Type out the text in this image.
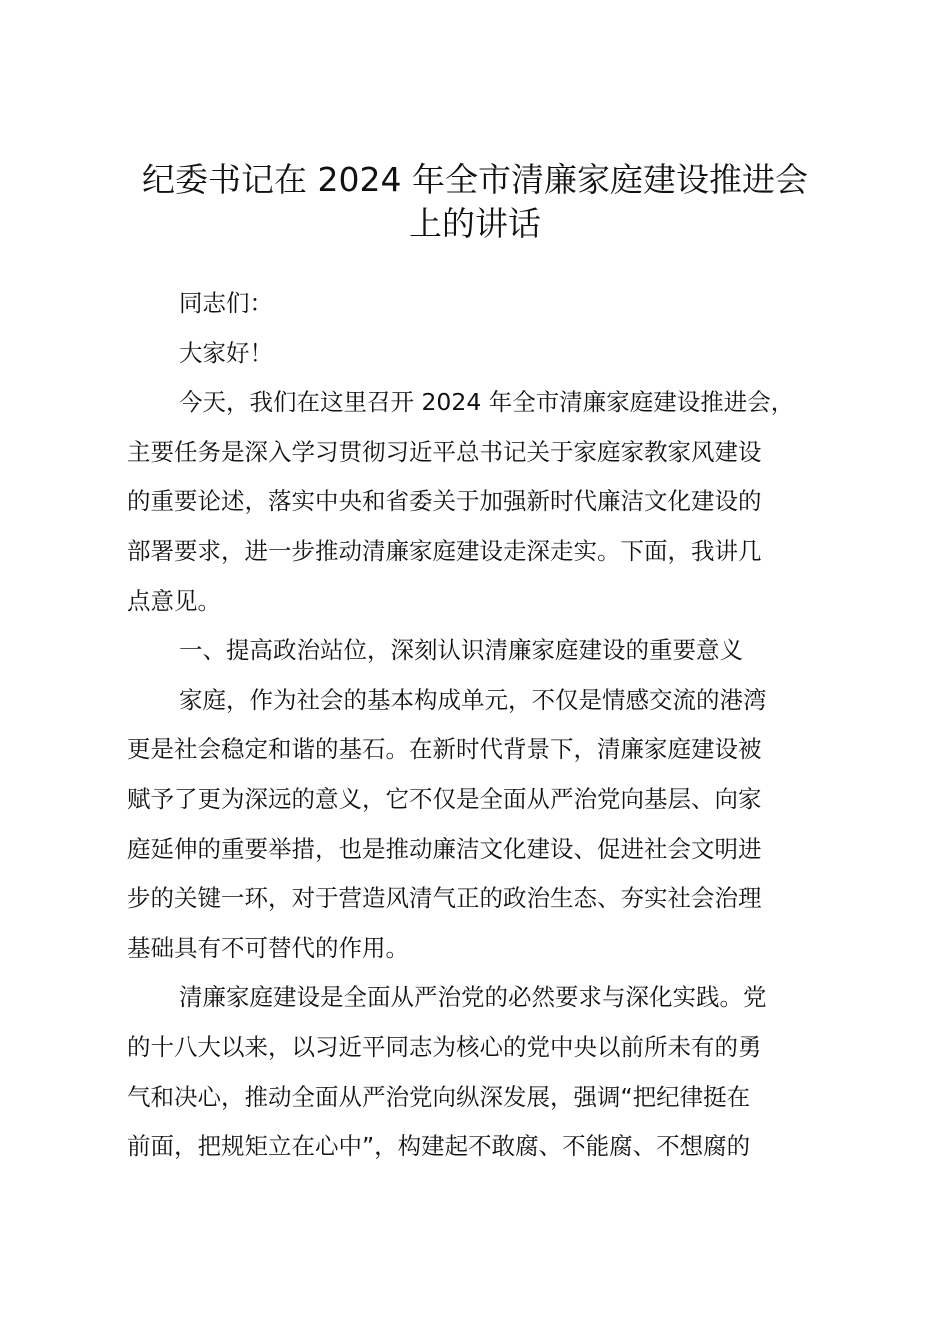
纪委书记在 2024 年全市清廉家庭建设推进会
上的讲话

同志们：

大家好！

今天，我们在这里召开 2024 年全市清廉家庭建设推进会，

主要任务是深入学习贯彻习近平总书记关于家庭家教家风建设

的重要论述，落实中央和省委关于加强新时代廉洁文化建设的

部署要求，进一步推动清廉家庭建设走深走实。下面，我讲几

点意见。

一、提高政治站位，深刻认识清廉家庭建设的重要意义

家庭，作为社会的基本构成单元，不仅是情感交流的港湾

更是社会稳定和谐的基石。在新时代背景下，清廉家庭建设被

赋予了更为深远的意义，它不仅是全面从严治党向基层、向家

庭延伸的重要举措，也是推动廉洁文化建设、促进社会文明进

步的关键一环，对于营造风清气正的政治生态、夯实社会治理

基础具有不可替代的作用。

清廉家庭建设是全面从严治党的必然要求与深化实践。党

的十八大以来，以习近平同志为核心的党中央以前所未有的勇

气和决心，推动全面从严治党向纵深发展，强调“把纪律挺在

前面，把规矩立在心中”，构建起不敢腐、不能腐、不想腐的
